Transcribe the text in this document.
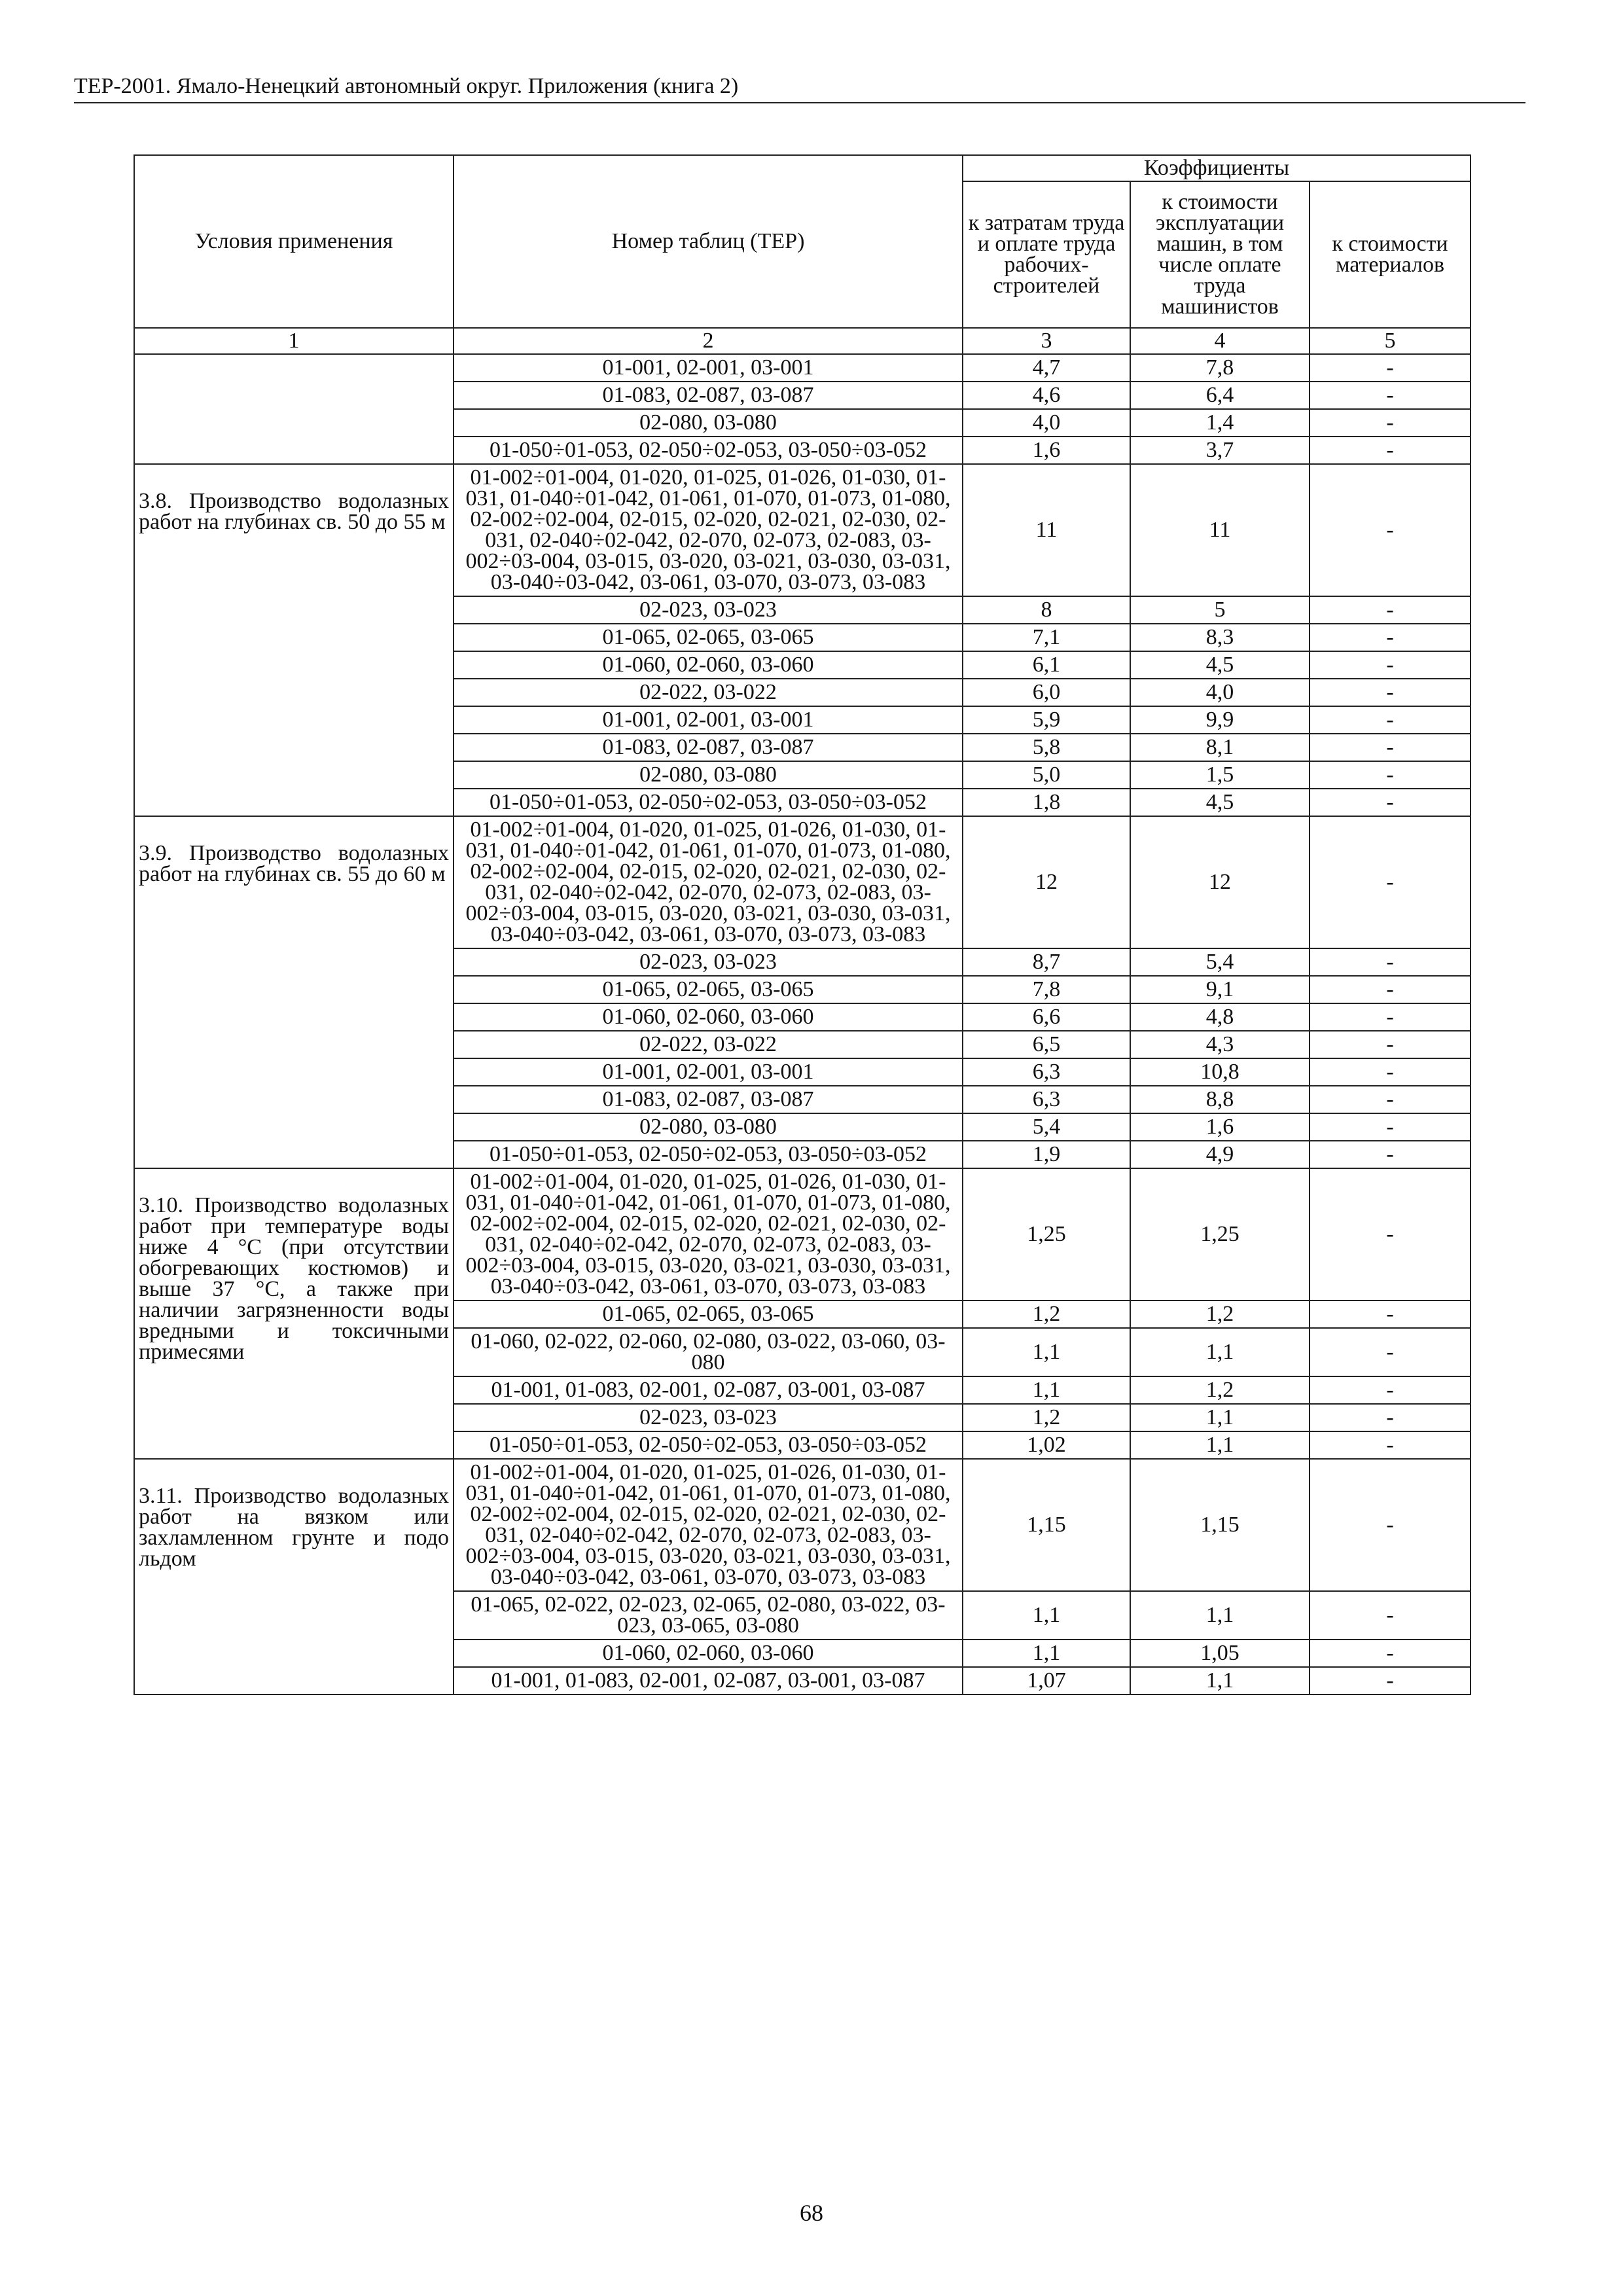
ТЕР-2001. Ямало-Ненецкий автономный округ. Приложения (книга 2)
Условия применения	Номер таблиц (ТЕР)	Коэффициенты		
		к затратам труда и оплате труда рабочих-строителей	к стоимости эксплуатации машин, в том числе оплате труда машинистов	к стоимости материалов
1	2	3	4	5
	01-001, 02-001, 03-001	4,7	7,8	-
	01-083, 02-087, 03-087	4,6	6,4	-
	02-080, 03-080	4,0	1,4	-
	01-050÷01-053, 02-050÷02-053, 03-050÷03-052	1,6	3,7	-
3.8. Производство водолазных работ на глубинах св. 50 до 55 м	01-002÷01-004, 01-020, 01-025, 01-026, 01-030, 01-031, 01-040÷01-042, 01-061, 01-070, 01-073, 01-080, 02-002÷02-004, 02-015, 02-020, 02-021, 02-030, 02-031, 02-040÷02-042, 02-070, 02-073, 02-083, 03-002÷03-004, 03-015, 03-020, 03-021, 03-030, 03-031, 03-040÷03-042, 03-061, 03-070, 03-073, 03-083	11	11	-
	02-023, 03-023	8	5	-
	01-065, 02-065, 03-065	7,1	8,3	-
	01-060, 02-060, 03-060	6,1	4,5	-
	02-022, 03-022	6,0	4,0	-
	01-001, 02-001, 03-001	5,9	9,9	-
	01-083, 02-087, 03-087	5,8	8,1	-
	02-080, 03-080	5,0	1,5	-
	01-050÷01-053, 02-050÷02-053, 03-050÷03-052	1,8	4,5	-
3.9. Производство водолазных работ на глубинах св. 55 до 60 м	01-002÷01-004, 01-020, 01-025, 01-026, 01-030, 01-031, 01-040÷01-042, 01-061, 01-070, 01-073, 01-080, 02-002÷02-004, 02-015, 02-020, 02-021, 02-030, 02-031, 02-040÷02-042, 02-070, 02-073, 02-083, 03-002÷03-004, 03-015, 03-020, 03-021, 03-030, 03-031, 03-040÷03-042, 03-061, 03-070, 03-073, 03-083	12	12	-
	02-023, 03-023	8,7	5,4	-
	01-065, 02-065, 03-065	7,8	9,1	-
	01-060, 02-060, 03-060	6,6	4,8	-
	02-022, 03-022	6,5	4,3	-
	01-001, 02-001, 03-001	6,3	10,8	-
	01-083, 02-087, 03-087	6,3	8,8	-
	02-080, 03-080	5,4	1,6	-
	01-050÷01-053, 02-050÷02-053, 03-050÷03-052	1,9	4,9	-
3.10. Производство водолазных работ при температуре воды ниже 4 °С (при отсутствии обогревающих костюмов) и выше 37 °С, а также при наличии загрязненности воды вредными и токсичными примесями	01-002÷01-004, 01-020, 01-025, 01-026, 01-030, 01-031, 01-040÷01-042, 01-061, 01-070, 01-073, 01-080, 02-002÷02-004, 02-015, 02-020, 02-021, 02-030, 02-031, 02-040÷02-042, 02-070, 02-073, 02-083, 03-002÷03-004, 03-015, 03-020, 03-021, 03-030, 03-031, 03-040÷03-042, 03-061, 03-070, 03-073, 03-083	1,25	1,25	-
	01-065, 02-065, 03-065	1,2	1,2	-
	01-060, 02-022, 02-060, 02-080, 03-022, 03-060, 03-080	1,1	1,1	-
	01-001, 01-083, 02-001, 02-087, 03-001, 03-087	1,1	1,2	-
	02-023, 03-023	1,2	1,1	-
	01-050÷01-053, 02-050÷02-053, 03-050÷03-052	1,02	1,1	-
3.11. Производство водолазных работ на вязком или захламленном грунте и подо льдом	01-002÷01-004, 01-020, 01-025, 01-026, 01-030, 01-031, 01-040÷01-042, 01-061, 01-070, 01-073, 01-080, 02-002÷02-004, 02-015, 02-020, 02-021, 02-030, 02-031, 02-040÷02-042, 02-070, 02-073, 02-083, 03-002÷03-004, 03-015, 03-020, 03-021, 03-030, 03-031, 03-040÷03-042, 03-061, 03-070, 03-073, 03-083	1,15	1,15	-
	01-065, 02-022, 02-023, 02-065, 02-080, 03-022, 03-023, 03-065, 03-080	1,1	1,1	-
	01-060, 02-060, 03-060	1,1	1,05	-
	01-001, 01-083, 02-001, 02-087, 03-001, 03-087	1,07	1,1	-
68
